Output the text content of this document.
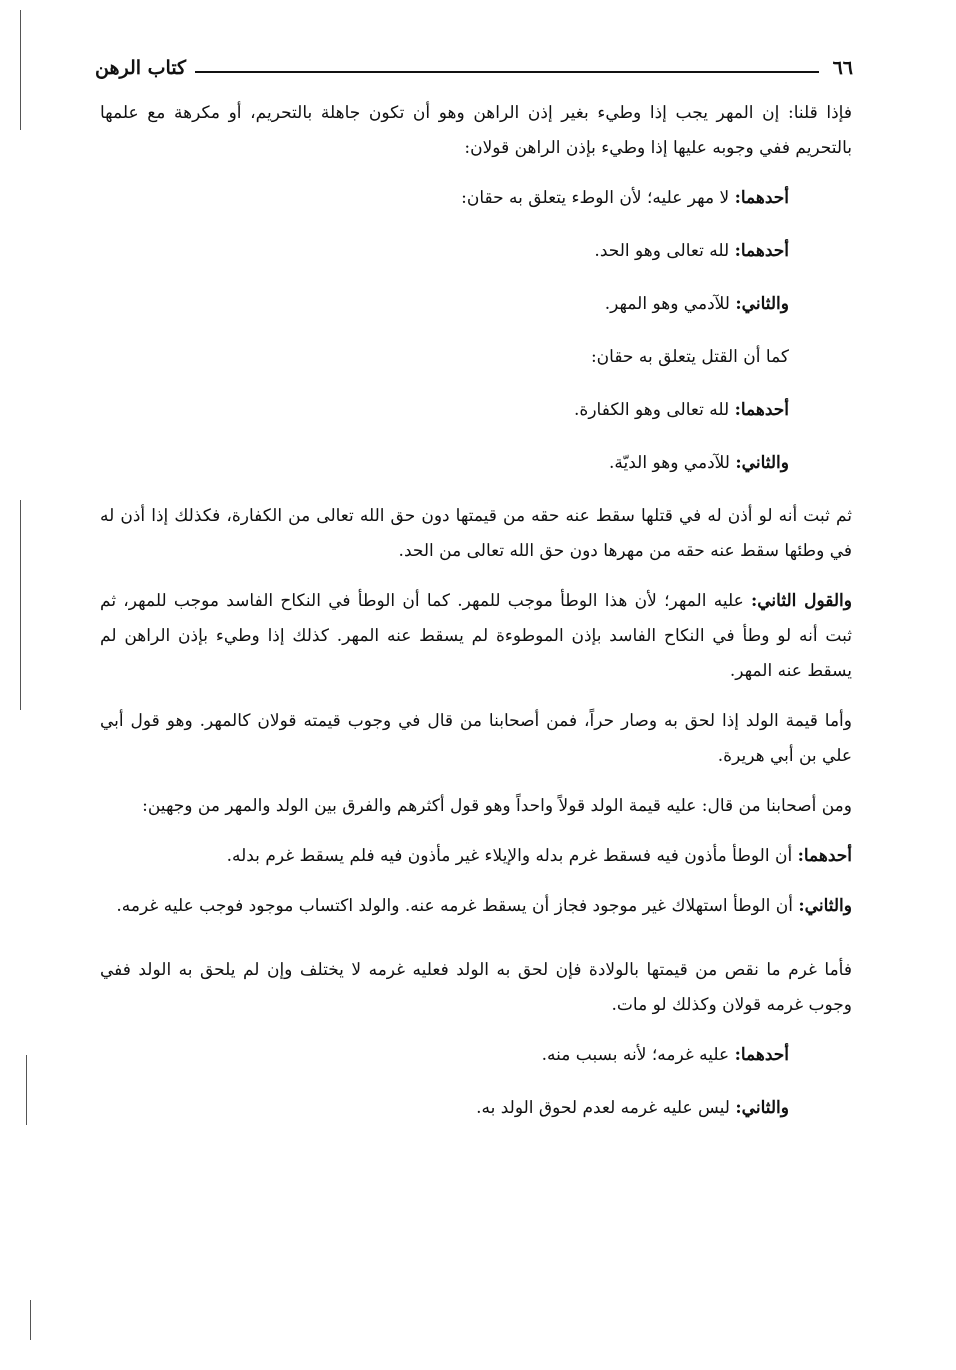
٦٦
كتاب الرهن

فإذا قلنا: إن المهر يجب إذا وطيء بغير إذن الراهن وهو أن تكون جاهلة بالتحريم، أو مكرهة مع علمها بالتحريم ففي وجوبه عليها إذا وطيء بإذن الراهن قولان:

أحدهما: لا مهر عليه؛ لأن الوطء يتعلق به حقان:

أحدهما: لله تعالى وهو الحد.

والثاني: للآدمي وهو المهر.

كما أن القتل يتعلق به حقان:

أحدهما: لله تعالى وهو الكفارة.

والثاني: للآدمي وهو الديّة.

ثم ثبت أنه لو أذن له في قتلها سقط عنه حقه من قيمتها دون حق الله تعالى من الكفارة، فكذلك إذا أذن له في وطئها سقط عنه حقه من مهرها دون حق الله تعالى من الحد.

والقول الثاني: عليه المهر؛ لأن هذا الوطأ موجب للمهر. كما أن الوطأ في النكاح الفاسد موجب للمهر، ثم ثبت أنه لو وطأ في النكاح الفاسد بإذن الموطوءة لم يسقط عنه المهر. كذلك إذا وطيء بإذن الراهن لم يسقط عنه المهر.

وأما قيمة الولد إذا لحق به وصار حراً، فمن أصحابنا من قال في وجوب قيمته قولان كالمهر. وهو قول أبي علي بن أبي هريرة.

ومن أصحابنا من قال: عليه قيمة الولد قولاً واحداً وهو قول أكثرهم والفرق بين الولد والمهر من وجهين:

أحدهما: أن الوطأ مأذون فيه فسقط غرم بدله والإيلاء غير مأذون فيه فلم يسقط غرم بدله.

والثاني: أن الوطأ استهلاك غير موجود فجاز أن يسقط غرمه عنه. والولد اكتساب موجود فوجب عليه غرمه.

فأما غرم ما نقص من قيمتها بالولادة فإن لحق به الولد فعليه غرمه لا يختلف وإن لم يلحق به الولد ففي وجوب غرمه قولان وكذلك لو مات.

أحدهما: عليه غرمه؛ لأنه بسبب منه.

والثاني: ليس عليه غرمه لعدم لحوق الولد به.
